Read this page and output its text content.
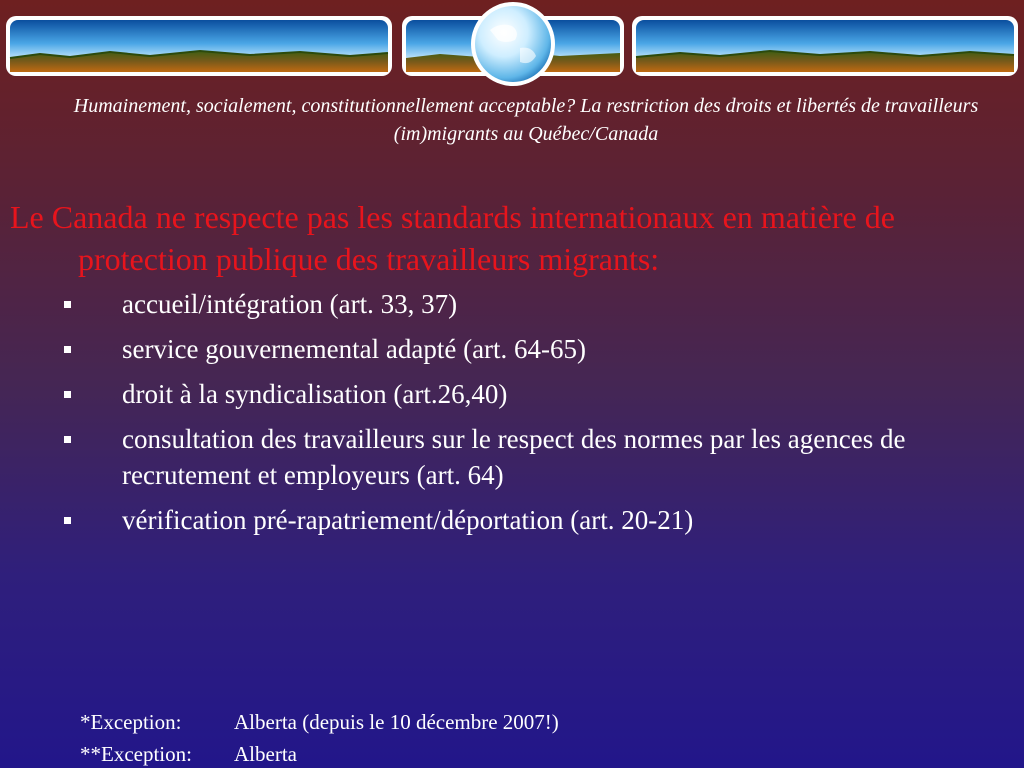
Humainement, socialement, constitutionnellement acceptable? La restriction des droits et libertés de travailleurs (im)migrants au Québec/Canada
Le Canada ne respecte pas les standards internationaux en matière de protection publique des travailleurs migrants:
accueil/intégration (art. 33, 37)
service gouvernemental adapté (art. 64-65)
droit à la syndicalisation (art.26,40)
consultation des travailleurs sur le respect des normes par les agences de recrutement et employeurs (art. 64)
vérification pré-rapatriement/déportation (art. 20-21)
*Exception:	Alberta (depuis le 10 décembre 2007!)
**Exception:	Alberta
